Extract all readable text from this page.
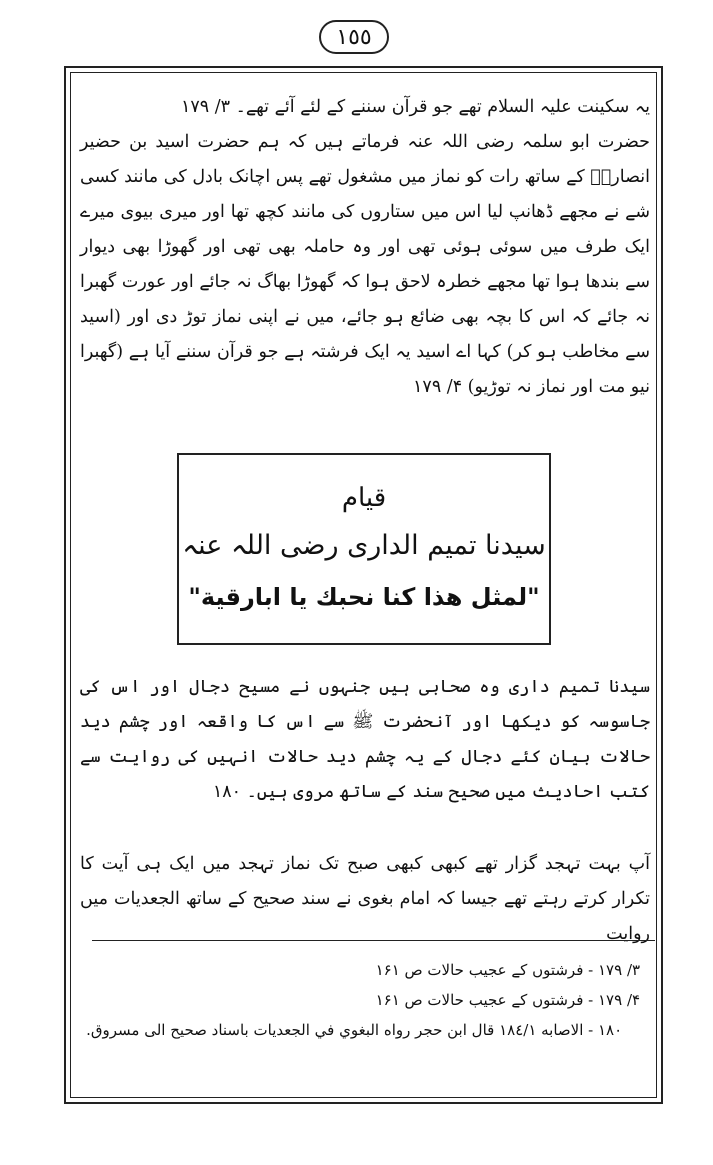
١٥٥

یہ سکینت علیہ السلام تھے جو قرآن سننے کے لئے آئے تھے۔ ۳/ ۱۷۹

حضرت ابو سلمہ رضی اللہ عنہ فرماتے ہیں کہ ہم حضرت اسید بن حضیر انصاریؓ کے ساتھ رات کو نماز میں مشغول تھے پس اچانک بادل کی مانند کسی شے نے مجھے ڈھانپ لیا اس میں ستاروں کی مانند کچھ تھا اور میری بیوی میرے ایک طرف میں سوئی ہوئی تھی اور وہ حاملہ بھی تھی اور گھوڑا بھی دیوار سے بندھا ہوا تھا مجھے خطرہ لاحق ہوا کہ گھوڑا بھاگ نہ جائے اور عورت گھبرا نہ جائے کہ اس کا بچہ بھی ضائع ہو جائے، میں نے اپنی نماز توڑ دی اور (اسید سے مخاطب ہو کر) کہا اے اسید یہ ایک فرشتہ ہے جو قرآن سننے آیا ہے (گھبرا نیو مت اور نماز نہ توڑیو) ۴/ ۱۷۹

قیام
سیدنا تمیم الداری رضی اللہ عنہ
"لمثل هذا كنا نحبك يا ابارقية"

سیدنا تمیم داری وہ صحابی ہیں جنہوں نے مسیح دجال اور اس کی جاسوسہ کو دیکھا اور آنحضرت ﷺ سے اس کا واقعہ اور چشم دید حالات بیان کئے دجال کے یہ چشم دید حالات انہیں کی روایت سے کتب احادیث میں صحیح سند کے ساتھ مروی ہیں۔ ۱۸۰

آپ بہت تہجد گزار تھے کبھی کبھی صبح تک نماز تہجد میں ایک ہی آیت کا تکرار کرتے رہتے تھے جیسا کہ امام بغوی نے سند صحیح کے ساتھ الجعدیات میں روایت

۳/ ۱۷۹ - فرشتوں کے عجیب حالات ص ۱۶۱

۴/ ۱۷۹ - فرشتوں کے عجیب حالات ص ۱۶۱

۱۸۰ - الاصابه ١٨٤/١ قال ابن حجر رواه البغوي في الجعديات باسناد صحيح الى مسروق.
